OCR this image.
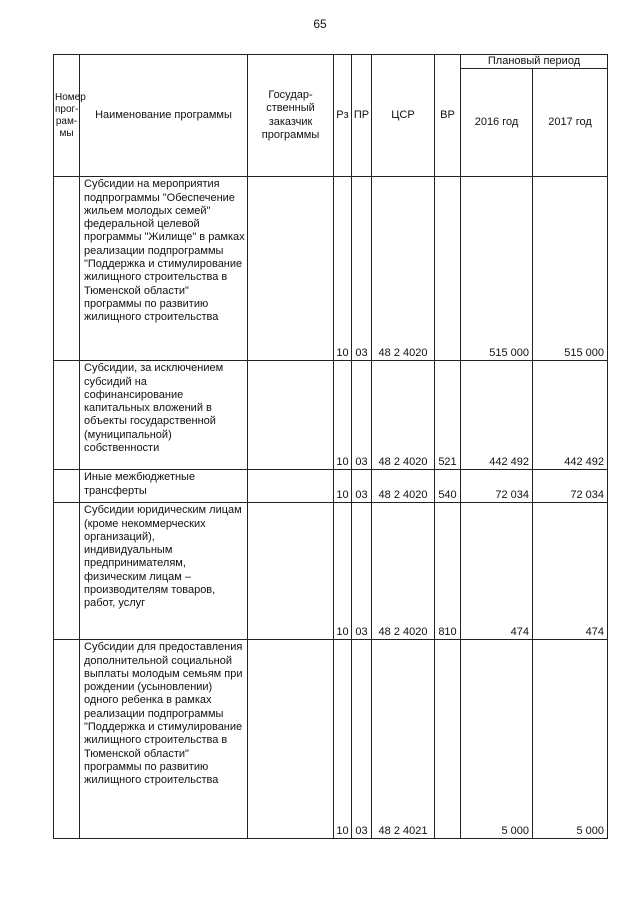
65
Номер прог- рам- мы	Наименование программы	Государ- ственный заказчик программы	Рз	ПР	ЦСР	ВР	Плановый период	
							2016 год	2017 год
	Субсидии на мероприятия подпрограммы "Обеспечение жильем молодых семей" федеральной целевой программы "Жилище" в рамках реализации подпрограммы "Поддержка и стимулирование жилищного строительства в Тюменской области" программы по развитию жилищного строительства		10	03	48 2 4020		515 000	515 000
	Субсидии, за исключением субсидий на софинансирование капитальных вложений в объекты государственной (муниципальной) собственности		10	03	48 2 4020	521	442 492	442 492
	Иные межбюджетные трансферты		10	03	48 2 4020	540	72 034	72 034
	Субсидии юридическим лицам (кроме некоммерческих организаций), индивидуальным предпринимателям, физическим лицам – производителям товаров, работ, услуг		10	03	48 2 4020	810	474	474
	Субсидии для предоставления дополнительной социальной выплаты молодым семьям при рождении (усыновлении) одного ребенка в рамках реализации подпрограммы "Поддержка и стимулирование жилищного строительства в Тюменской области" программы по развитию жилищного строительства		10	03	48 2 4021		5 000	5 000
